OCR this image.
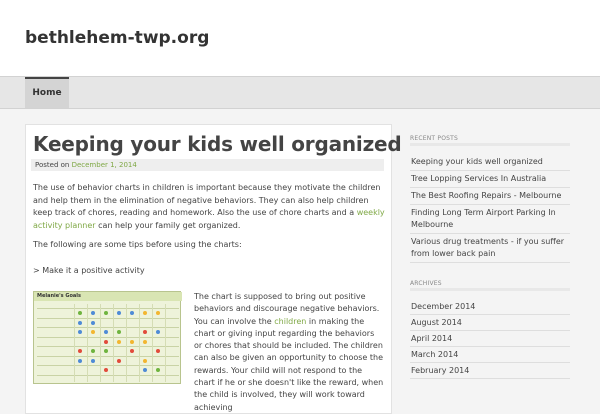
bethlehem-twp.org
Home
Keeping your kids well organized
Posted on December 1, 2014

The use of behavior charts in children is important because they motivate the children and help them in the elimination of negative behaviors. They can also help children keep track of chores, reading and homework. Also the use of chore charts and a weekly activity planner can help your family get organized.

The following are some tips before using the charts:

> Make it a positive activity

Melanie's Goals	The chart is supposed to bring out positive behaviors and discourage negative behaviors. You can involve the children in making the chart or giving input regarding the behaviors or chores that should be included. The children can also be given an opportunity to choose the rewards. Your child will not respond to the chart if he or she doesn't like the reward, when the child is involved, they will work toward achieving

RECENT POSTS
Keeping your kids well organized
Tree Lopping Services In Australia
The Best Roofing Repairs - Melbourne
Finding Long Term Airport Parking In Melbourne
Various drug treatments - if you suffer from lower back pain
ARCHIVES
December 2014
August 2014
April 2014
March 2014
February 2014
